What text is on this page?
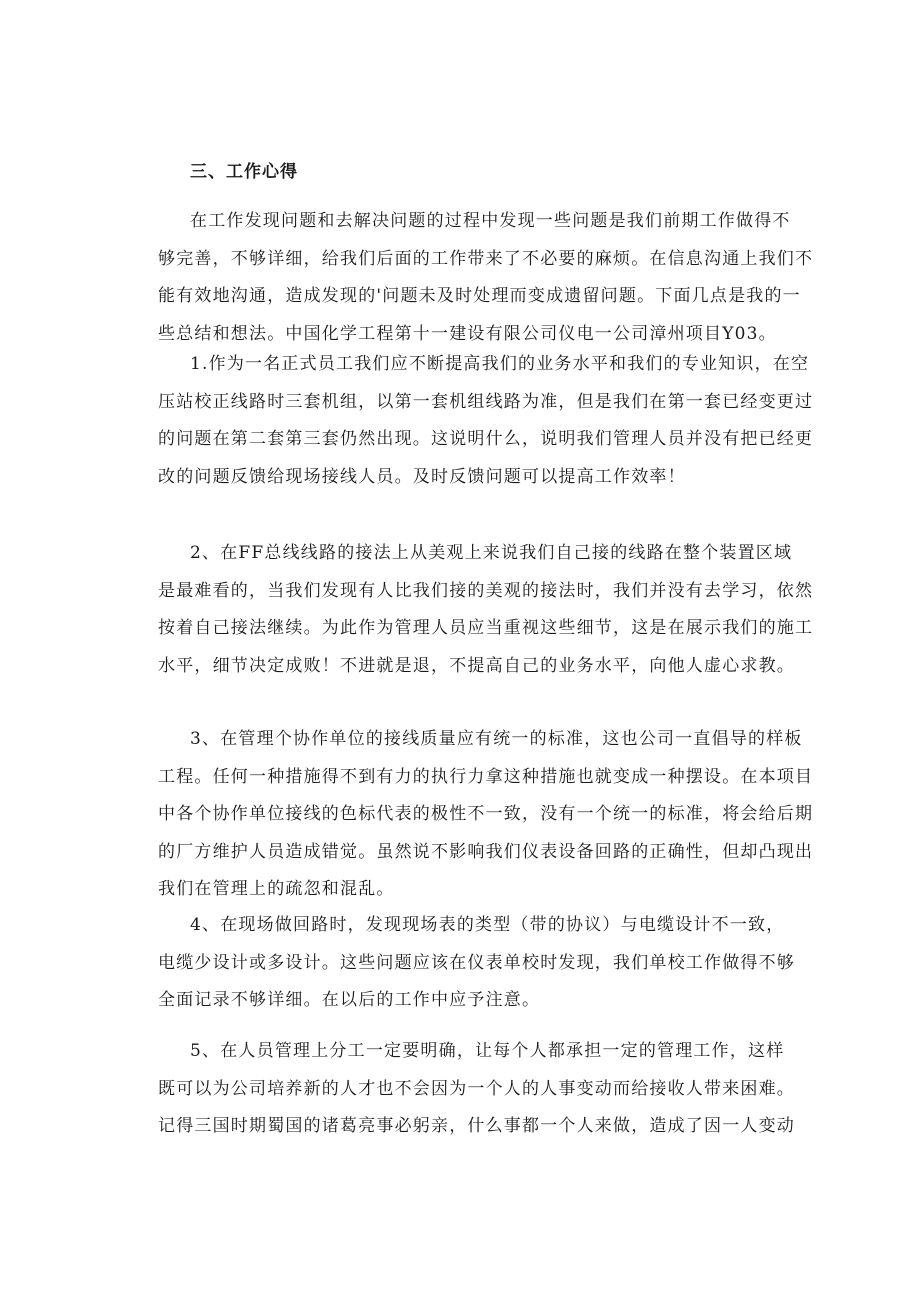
三、工作心得

在工作发现问题和去解决问题的过程中发现一些问题是我们前期工作做得不
够完善，不够详细，给我们后面的工作带来了不必要的麻烦。在信息沟通上我们不
能有效地沟通，造成发现的'问题未及时处理而变成遗留问题。下面几点是我的一
些总结和想法。中国化学工程第十一建设有限公司仪电一公司漳州项目Y03。

1.作为一名正式员工我们应不断提高我们的业务水平和我们的专业知识，在空
压站校正线路时三套机组，以第一套机组线路为准，但是我们在第一套已经变更过
的问题在第二套第三套仍然出现。这说明什么，说明我们管理人员并没有把已经更
改的问题反馈给现场接线人员。及时反馈问题可以提高工作效率！

2、在FF总线线路的接法上从美观上来说我们自己接的线路在整个装置区域
是最难看的，当我们发现有人比我们接的美观的接法时，我们并没有去学习，依然
按着自己接法继续。为此作为管理人员应当重视这些细节，这是在展示我们的施工
水平，细节决定成败！不进就是退，不提高自己的业务水平，向他人虚心求教。

3、在管理个协作单位的接线质量应有统一的标准，这也公司一直倡导的样板
工程。任何一种措施得不到有力的执行力拿这种措施也就变成一种摆设。在本项目
中各个协作单位接线的色标代表的极性不一致，没有一个统一的标准，将会给后期
的厂方维护人员造成错觉。虽然说不影响我们仪表设备回路的正确性，但却凸现出
我们在管理上的疏忽和混乱。

4、在现场做回路时，发现现场表的类型（带的协议）与电缆设计不一致，
电缆少设计或多设计。这些问题应该在仪表单校时发现，我们单校工作做得不够
全面记录不够详细。在以后的工作中应予注意。

5、在人员管理上分工一定要明确，让每个人都承担一定的管理工作，这样
既可以为公司培养新的人才也不会因为一个人的人事变动而给接收人带来困难。
记得三国时期蜀国的诸葛亮事必躬亲，什么事都一个人来做，造成了因一人变动
